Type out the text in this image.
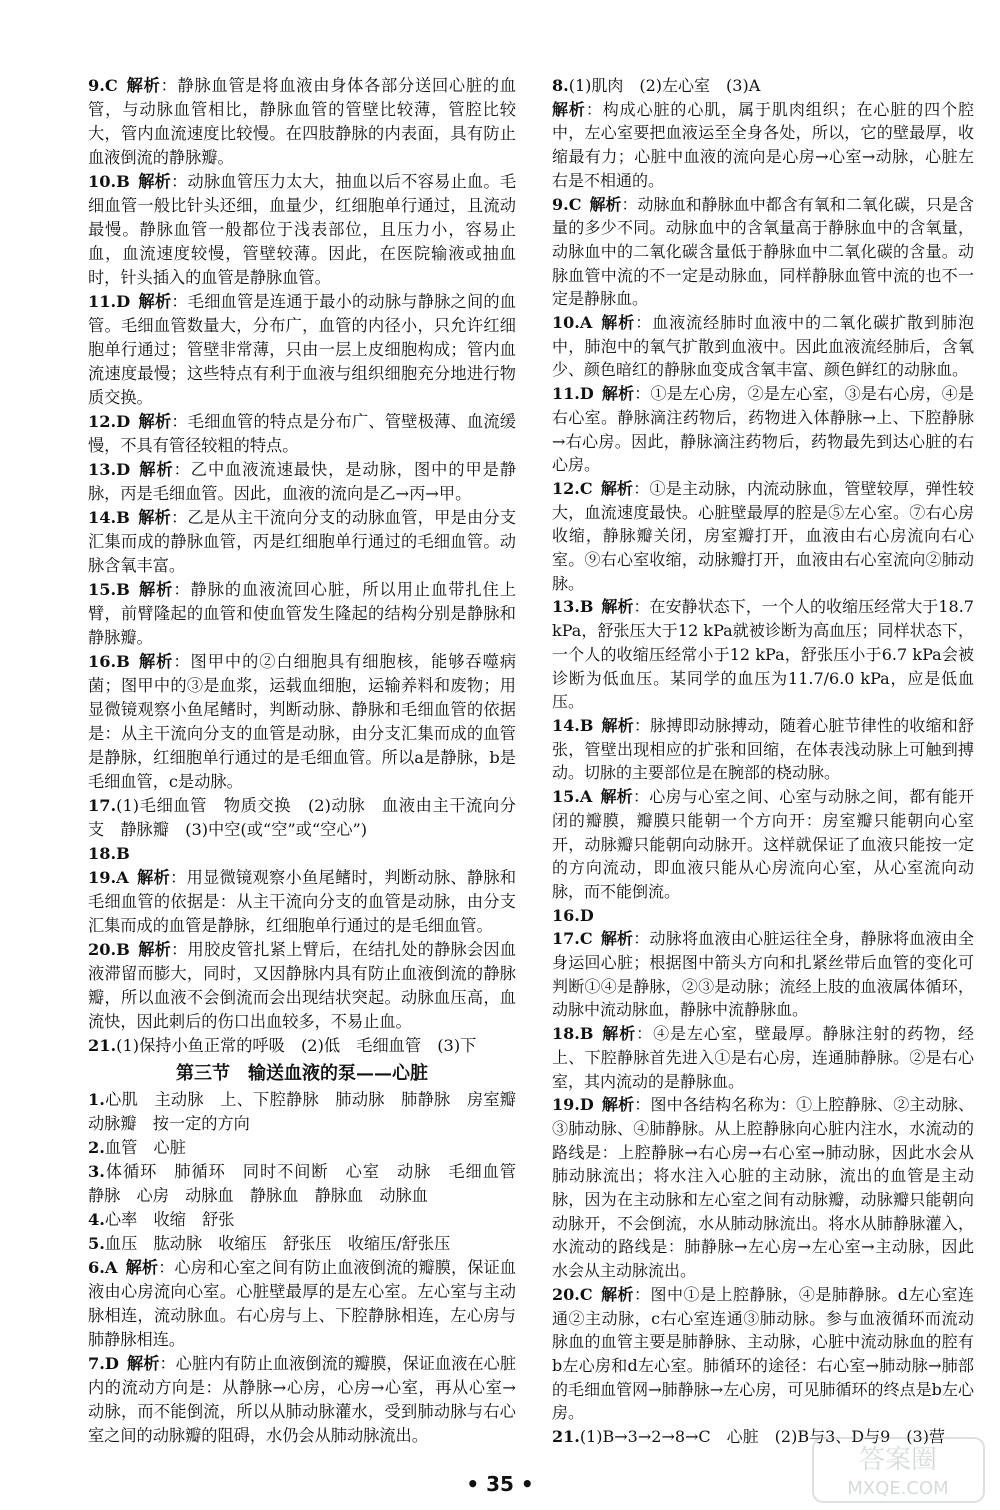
9.C  解析：静脉血管是将血液由身体各部分送回心脏的血管，与动脉血管相比，静脉血管的管壁比较薄，管腔比较大，管内血流速度比较慢。在四肢静脉的内表面，具有防止血液倒流的静脉瓣。
10.B  解析：动脉血管压力太大，抽血以后不容易止血。毛细血管一般比针头还细，血量少，红细胞单行通过，且流动最慢。静脉血管一般都位于浅表部位，且压力小，容易止血，血流速度较慢，管壁较薄。因此，在医院输液或抽血时，针头插入的血管是静脉血管。
11.D  解析：毛细血管是连通于最小的动脉与静脉之间的血管。毛细血管数量大，分布广，血管的内径小，只允许红细胞单行通过；管壁非常薄，只由一层上皮细胞构成；管内血流速度最慢；这些特点有利于血液与组织细胞充分地进行物质交换。
12.D  解析：毛细血管的特点是分布广、管壁极薄、血流缓慢，不具有管径较粗的特点。
13.D  解析：乙中血液流速最快，是动脉，图中的甲是静脉，丙是毛细血管。因此，血液的流向是乙→丙→甲。
14.B  解析：乙是从主干流向分支的动脉血管，甲是由分支汇集而成的静脉血管，丙是红细胞单行通过的毛细血管。动脉含氧丰富。
15.B  解析：静脉的血液流回心脏，所以用止血带扎住上臂，前臂隆起的血管和使血管发生隆起的结构分别是静脉和静脉瓣。
16.B  解析：图甲中的②白细胞具有细胞核，能够吞噬病菌；图甲中的③是血浆，运载血细胞，运输养料和废物；用显微镜观察小鱼尾鳍时，判断动脉、静脉和毛细血管的依据是：从主干流向分支的血管是动脉，由分支汇集而成的血管是静脉，红细胞单行通过的是毛细血管。所以a是静脉，b是毛细血管，c是动脉。
17.(1)毛细血管　物质交换　(2)动脉　血液由主干流向分支　静脉瓣　(3)中空(或“空”或“空心”)
18.B
19.A  解析：用显微镜观察小鱼尾鳍时，判断动脉、静脉和毛细血管的依据是：从主干流向分支的血管是动脉，由分支汇集而成的血管是静脉，红细胞单行通过的是毛细血管。
20.B  解析：用胶皮管扎紧上臂后，在结扎处的静脉会因血液滞留而膨大，同时，又因静脉内具有防止血液倒流的静脉瓣，所以血液不会倒流而会出现结状突起。动脉血压高，血流快，因此刺后的伤口出血较多，不易止血。
21.(1)保持小鱼正常的呼吸　(2)低　毛细血管　(3)下
第三节　输送血液的泵——心脏
1.心肌　主动脉　上、下腔静脉　肺动脉　肺静脉　房室瓣　动脉瓣　按一定的方向
2.血管　心脏
3.体循环　肺循环　同时不间断　心室　动脉　毛细血管　静脉　心房　动脉血　静脉血　静脉血　动脉血
4.心率　收缩　舒张
5.血压　肱动脉　收缩压　舒张压　收缩压/舒张压
6.A  解析：心房和心室之间有防止血液倒流的瓣膜，保证血液由心房流向心室。心脏壁最厚的是左心室。左心室与主动脉相连，流动脉血。右心房与上、下腔静脉相连，左心房与肺静脉相连。
7.D  解析：心脏内有防止血液倒流的瓣膜，保证血液在心脏内的流动方向是：从静脉→心房，心房→心室，再从心室→动脉，而不能倒流，所以从肺动脉灌水，受到肺动脉与右心室之间的动脉瓣的阻碍，水仍会从肺动脉流出。
8.(1)肌肉　(2)左心室　(3)A
解析：构成心脏的心肌，属于肌肉组织；在心脏的四个腔中，左心室要把血液运至全身各处，所以，它的壁最厚，收缩最有力；心脏中血液的流向是心房→心室→动脉，心脏左右是不相通的。
9.C  解析：动脉血和静脉血中都含有氧和二氧化碳，只是含量的多少不同。动脉血中的含氧量高于静脉血中的含氧量，动脉血中的二氧化碳含量低于静脉血中二氧化碳的含量。动脉血管中流的不一定是动脉血，同样静脉血管中流的也不一定是静脉血。
10.A  解析：血液流经肺时血液中的二氧化碳扩散到肺泡中，肺泡中的氧气扩散到血液中。因此血液流经肺后，含氧少、颜色暗红的静脉血变成含氧丰富、颜色鲜红的动脉血。
11.D  解析：①是左心房，②是左心室，③是右心房，④是右心室。静脉滴注药物后，药物进入体静脉→上、下腔静脉→右心房。因此，静脉滴注药物后，药物最先到达心脏的右心房。
12.C  解析：①是主动脉，内流动脉血，管壁较厚，弹性较大，血流速度最快。心脏壁最厚的腔是⑤左心室。⑦右心房收缩，静脉瓣关闭，房室瓣打开，血液由右心房流向右心室。⑨右心室收缩，动脉瓣打开，血液由右心室流向②肺动脉。
13.B  解析：在安静状态下，一个人的收缩压经常大于18.7 kPa，舒张压大于12 kPa就被诊断为高血压；同样状态下，一个人的收缩压经常小于12 kPa，舒张压小于6.7 kPa会被诊断为低血压。某同学的血压为11.7/6.0 kPa，应是低血压。
14.B  解析：脉搏即动脉搏动，随着心脏节律性的收缩和舒张，管壁出现相应的扩张和回缩，在体表浅动脉上可触到搏动。切脉的主要部位是在腕部的桡动脉。
15.A  解析：心房与心室之间、心室与动脉之间，都有能开闭的瓣膜，瓣膜只能朝一个方向开：房室瓣只能朝向心室开，动脉瓣只能朝向动脉开。这样就保证了血液只能按一定的方向流动，即血液只能从心房流向心室，从心室流向动脉，而不能倒流。
16.D
17.C  解析：动脉将血液由心脏运往全身，静脉将血液由全身运回心脏；根据图中箭头方向和扎紧丝带后血管的变化可判断①④是静脉，②③是动脉；流经上肢的血液属体循环，动脉中流动脉血，静脉中流静脉血。
18.B  解析：④是左心室，壁最厚。静脉注射的药物，经上、下腔静脉首先进入①是右心房，连通肺静脉。②是右心室，其内流动的是静脉血。
19.D  解析：图中各结构名称为：①上腔静脉、②主动脉、③肺动脉、④肺静脉。从上腔静脉向心脏内注水，水流动的路线是：上腔静脉→右心房→右心室→肺动脉，因此水会从肺动脉流出；将水注入心脏的主动脉，流出的血管是主动脉，因为在主动脉和左心室之间有动脉瓣，动脉瓣只能朝向动脉开，不会倒流，水从肺动脉流出。将水从肺静脉灌入，水流动的路线是：肺静脉→左心房→左心室→主动脉，因此水会从主动脉流出。
20.C  解析：图中①是上腔静脉，④是肺静脉。d左心室连通②主动脉，c右心室连通③肺动脉。参与血液循环而流动脉血的血管主要是肺静脉、主动脉，心脏中流动脉血的腔有b左心房和d左心室。肺循环的途径：右心室→肺动脉→肺部的毛细血管网→肺静脉→左心房，可见肺循环的终点是b左心房。
21.(1)B→3→2→8→C　心脏　(2)B与3、D与9　(3)营
• 35 •
答案圈
MXQE.COM
